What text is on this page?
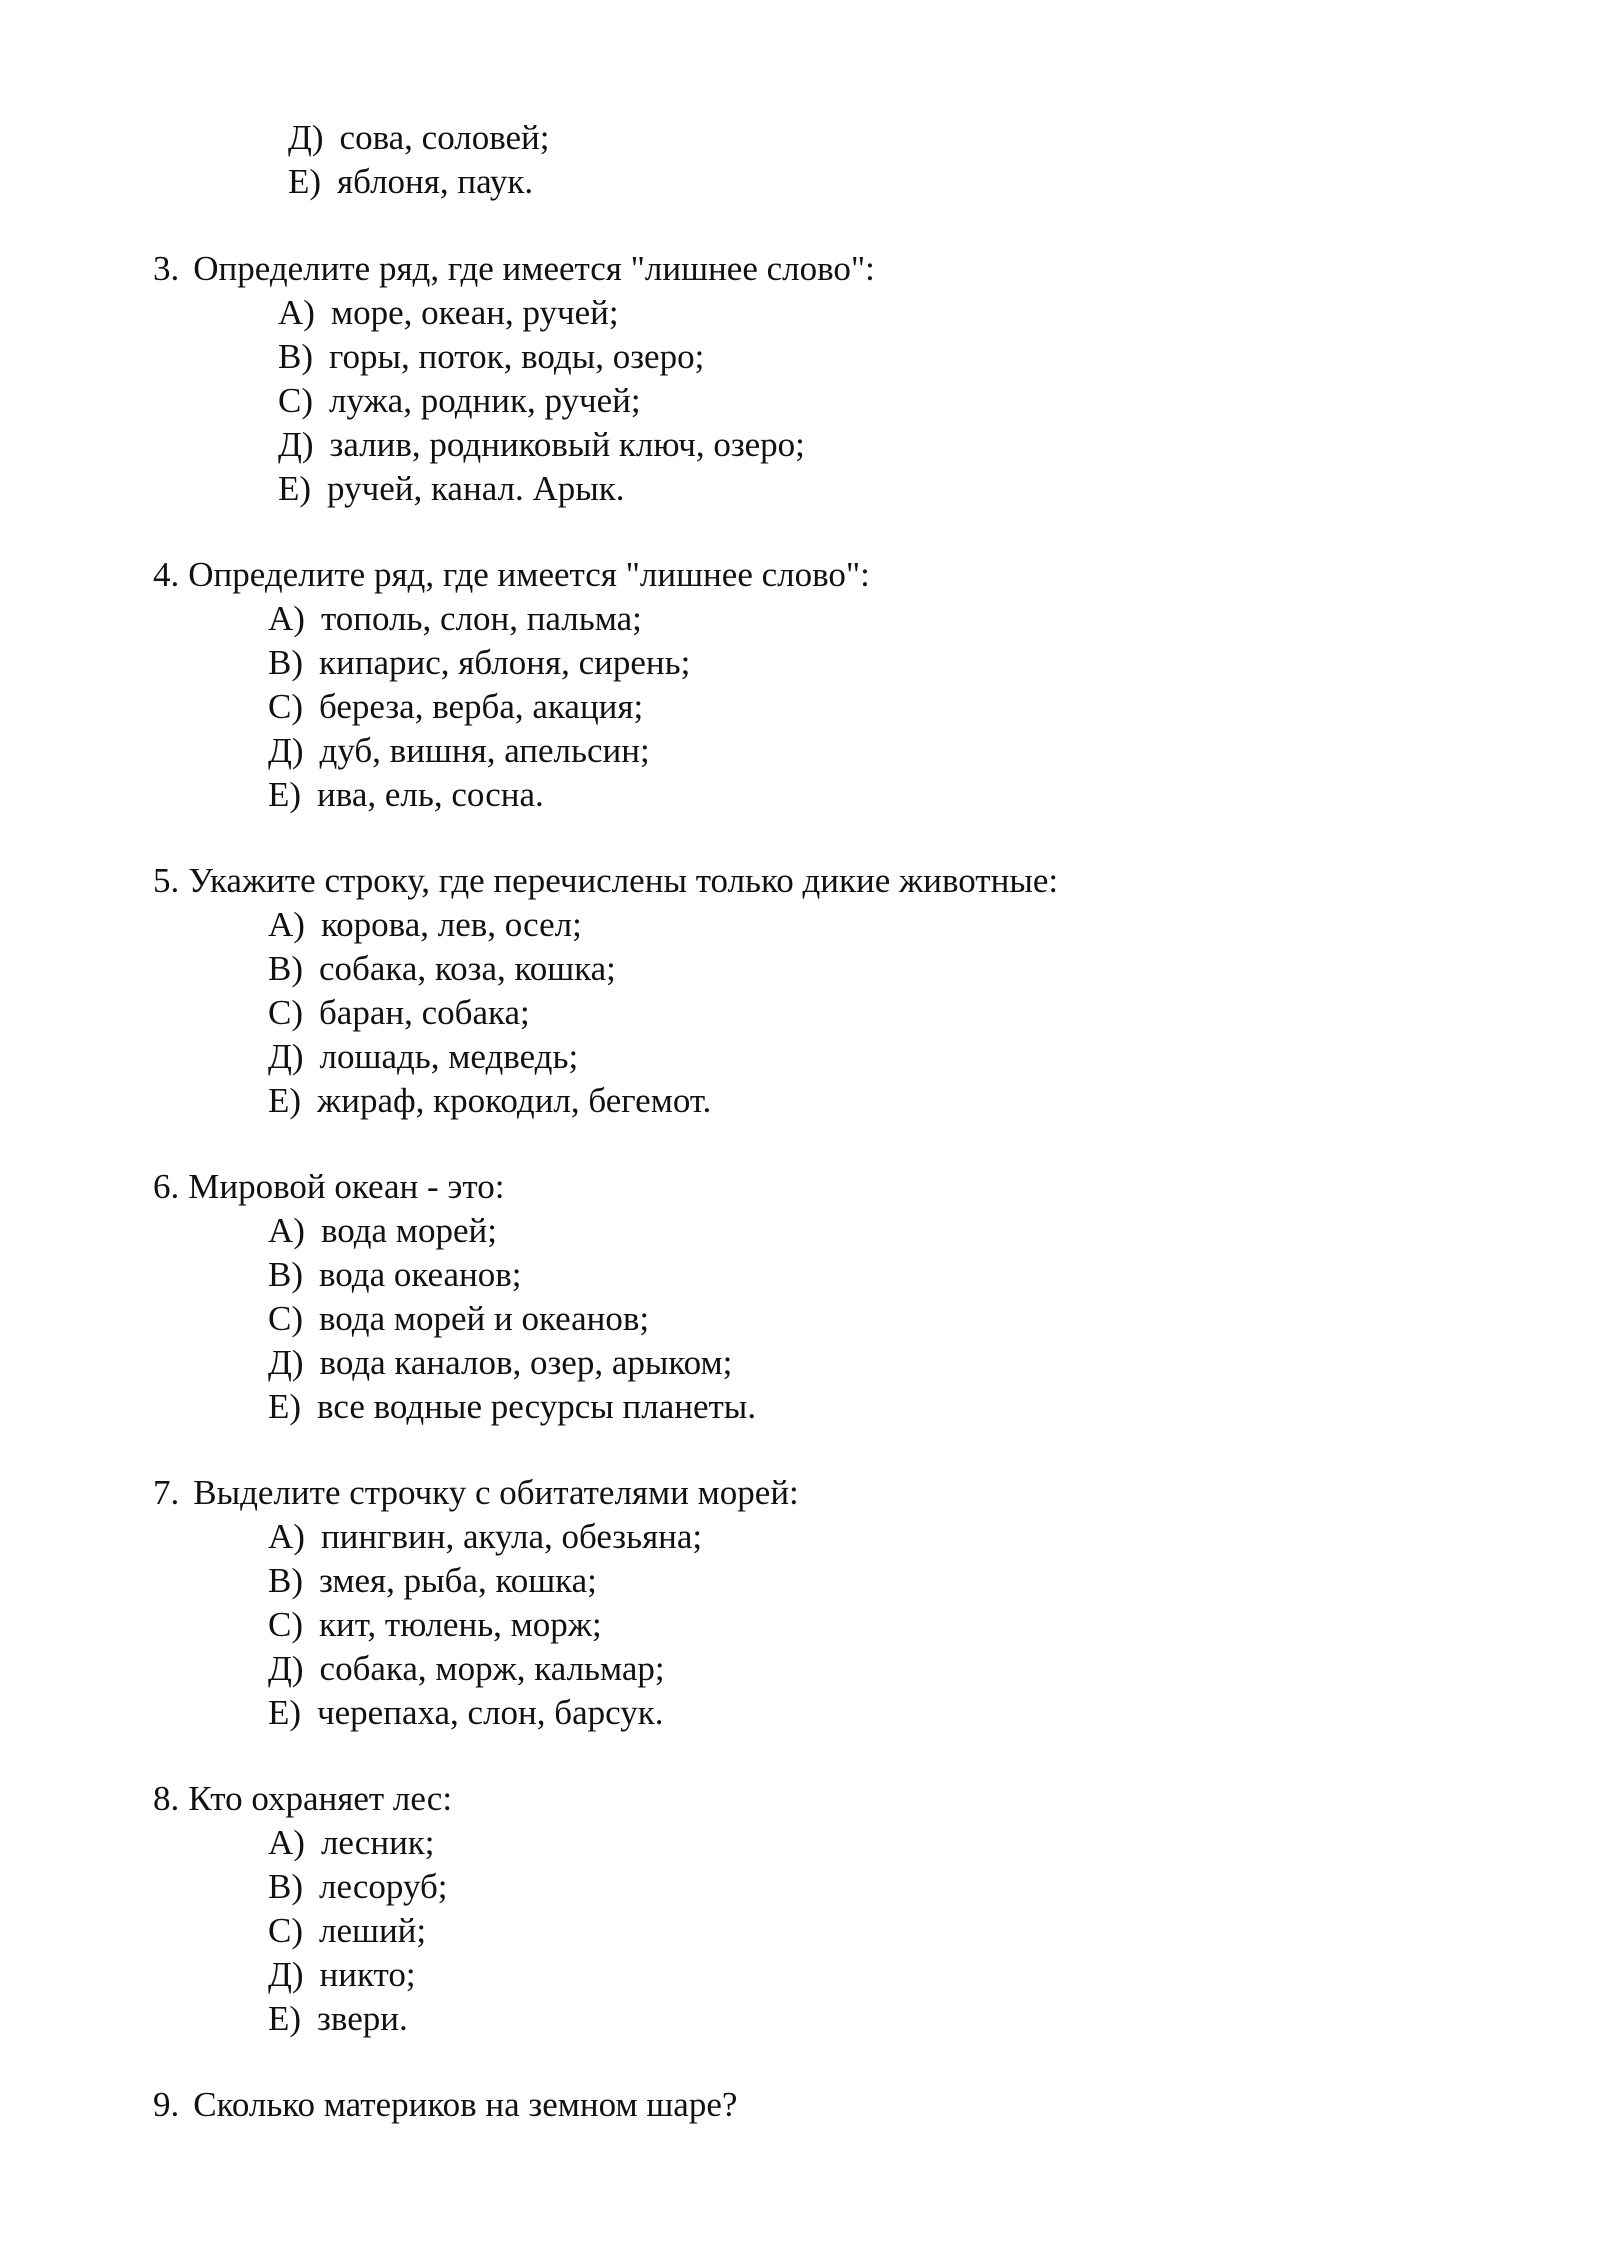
Д) сова, соловей;
Е) яблоня, паук.
3. Определите ряд, где имеется "лишнее слово":
А) море, океан, ручей;
В) горы, поток, воды, озеро;
С) лужа, родник, ручей;
Д) залив, родниковый ключ, озеро;
Е) ручей, канал. Арык.
4. Определите ряд, где имеется "лишнее слово":
А) тополь, слон, пальма;
В) кипарис, яблоня, сирень;
С) береза, верба, акация;
Д) дуб, вишня, апельсин;
Е) ива, ель, сосна.
5. Укажите строку, где перечислены только дикие животные:
А) корова, лев, осел;
В) собака, коза, кошка;
С) баран, собака;
Д) лошадь, медведь;
Е) жираф, крокодил, бегемот.
6. Мировой океан - это:
А) вода морей;
В) вода океанов;
С) вода морей и океанов;
Д) вода каналов, озер, арыком;
Е) все водные ресурсы планеты.
7. Выделите строчку с обитателями морей:
А) пингвин, акула, обезьяна;
В) змея, рыба, кошка;
С) кит, тюлень, морж;
Д) собака, морж, кальмар;
Е) черепаха, слон, барсук.
8. Кто охраняет лес:
А) лесник;
В) лесоруб;
С) леший;
Д) никто;
Е) звери.
9. Сколько материков на земном шаре?
